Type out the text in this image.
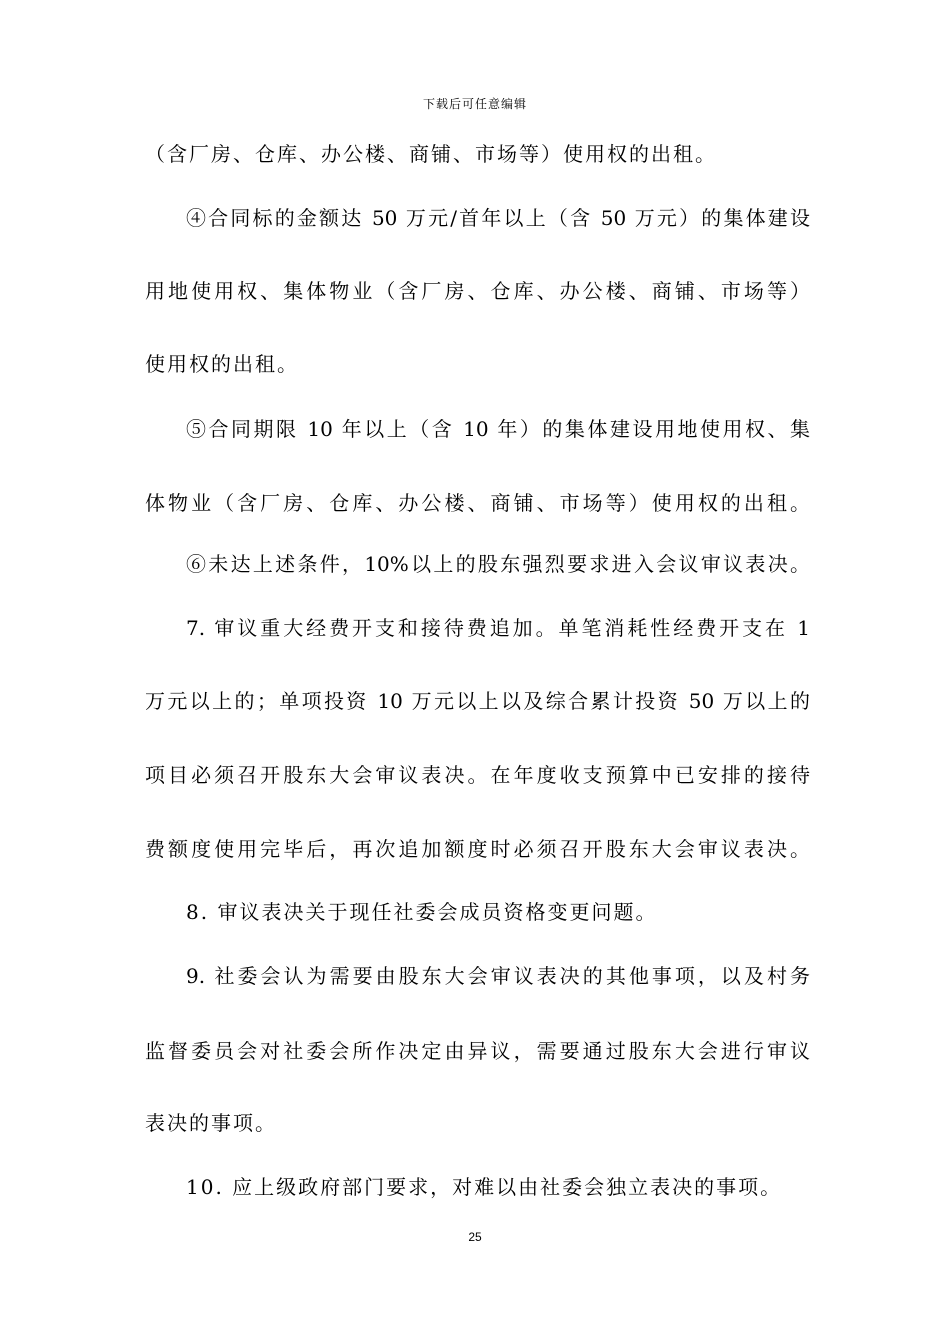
下载后可任意编辑
（含厂房、仓库、办公楼、商铺、市场等）使用权的出租。
④合同标的金额达 50 万元/首年以上（含 50 万元）的集体建设
用地使用权、集体物业（含厂房、仓库、办公楼、商铺、市场等）
使用权的出租。
⑤合同期限 10 年以上（含 10 年）的集体建设用地使用权、集
体物业（含厂房、仓库、办公楼、商铺、市场等）使用权的出租。
⑥未达上述条件，10%以上的股东强烈要求进入会议审议表决。
7. 审议重大经费开支和接待费追加。单笔消耗性经费开支在 1
万元以上的；单项投资 10 万元以上以及综合累计投资 50 万以上的
项目必须召开股东大会审议表决。在年度收支预算中已安排的接待
费额度使用完毕后，再次追加额度时必须召开股东大会审议表决。
8. 审议表决关于现任社委会成员资格变更问题。
9. 社委会认为需要由股东大会审议表决的其他事项，以及村务
监督委员会对社委会所作决定由异议，需要通过股东大会进行审议
表决的事项。
10. 应上级政府部门要求，对难以由社委会独立表决的事项。
25
